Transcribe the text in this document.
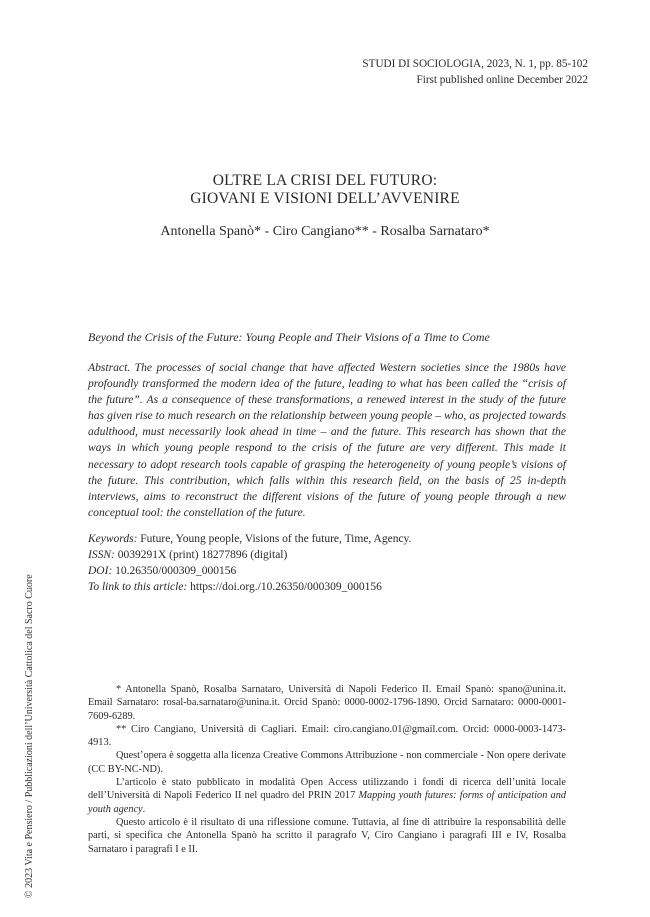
STUDI DI SOCIOLOGIA, 2023, N. 1, pp. 85-102
First published online December 2022
OLTRE LA CRISI DEL FUTURO:
GIOVANI E VISIONI DELL’AVVENIRE
Antonella Spanò* - Ciro Cangiano** - Rosalba Sarnataro*
Beyond the Crisis of the Future: Young People and Their Visions of a Time to Come
Abstract. The processes of social change that have affected Western societies since the 1980s have profoundly transformed the modern idea of the future, leading to what has been called the “crisis of the future”. As a consequence of these transformations, a renewed interest in the study of the future has given rise to much research on the relationship between young people – who, as projected towards adulthood, must necessarily look ahead in time – and the future. This research has shown that the ways in which young people respond to the crisis of the future are very different. This made it necessary to adopt research tools capable of grasping the heterogeneity of young people’s visions of the future. This contribution, which falls within this research field, on the basis of 25 in-depth interviews, aims to reconstruct the different visions of the future of young people through a new conceptual tool: the constellation of the future.
Keywords: Future, Young people, Visions of the future, Time, Agency.
ISSN: 0039291X (print) 18277896 (digital)
DOI: 10.26350/000309_000156
To link to this article: https://doi.org./10.26350/000309_000156

* Antonella Spanò, Rosalba Sarnataro, Università di Napoli Federico II. Email Spanò: spano@unina.it. Email Sarnataro: rosal-ba.sarnataro@unina.it. Orcid Spanò: 0000-0002-1796-1890. Orcid Sarnataro: 0000-0001-7609-6289.

** Ciro Cangiano, Università di Cagliari. Email: ciro.cangiano.01@gmail.com. Orcid: 0000-0003-1473-4913.

Quest’opera è soggetta alla licenza Creative Commons Attribuzione - non commerciale - Non opere derivate (CC BY-NC-ND).

L’articolo è stato pubblicato in modalità Open Access utilizzando i fondi di ricerca dell’unità locale dell’Università di Napoli Federico II nel quadro del PRIN 2017 Mapping youth futures: forms of anticipation and youth agency.

Questo articolo è il risultato di una riflessione comune. Tuttavia, al fine di attribuire la responsabilità delle parti, si specifica che Antonella Spanò ha scritto il paragrafo V, Ciro Cangiano i paragrafi III e IV, Rosalba Sarnataro i paragrafi I e II.

© 2023 Vita e Pensiero / Pubblicazioni dell’Università Cattolica del Sacro Cuore
